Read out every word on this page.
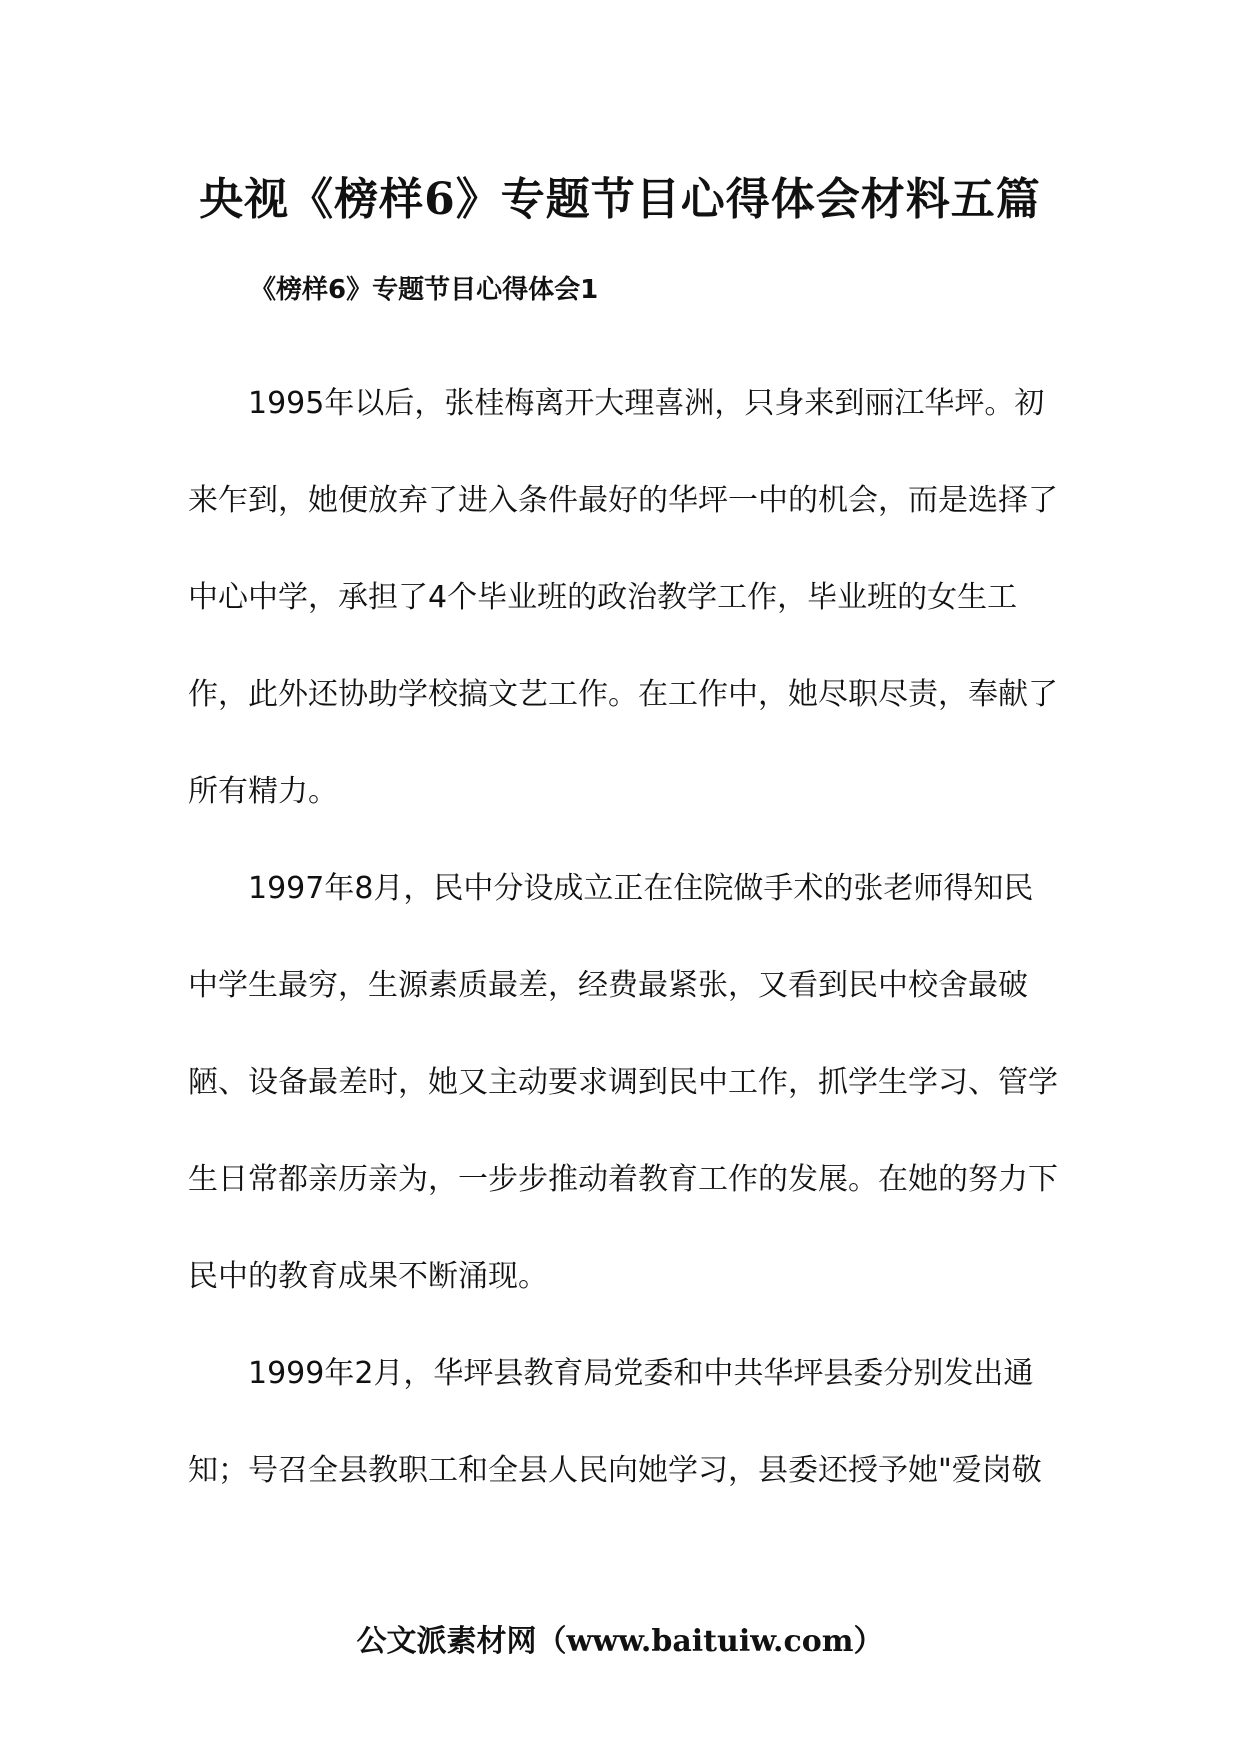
央视《榜样6》专题节目心得体会材料五篇
《榜样6》专题节目心得体会1

1995年以后，张桂梅离开大理喜洲，只身来到丽江华坪。初来乍到，她便放弃了进入条件最好的华坪一中的机会，而是选择了中心中学，承担了4个毕业班的政治教学工作，毕业班的女生工作，此外还协助学校搞文艺工作。在工作中，她尽职尽责，奉献了所有精力。

1997年8月，民中分设成立正在住院做手术的张老师得知民中学生最穷，生源素质最差，经费最紧张，又看到民中校舍最破陋、设备最差时，她又主动要求调到民中工作，抓学生学习、管学生日常都亲历亲为，一步步推动着教育工作的发展。在她的努力下民中的教育成果不断涌现。

1999年2月，华坪县教育局党委和中共华坪县委分别发出通知；号召全县教职工和全县人民向她学习，县委还授予她"爱岗敬

公文派素材网（www.baituiw.com）
